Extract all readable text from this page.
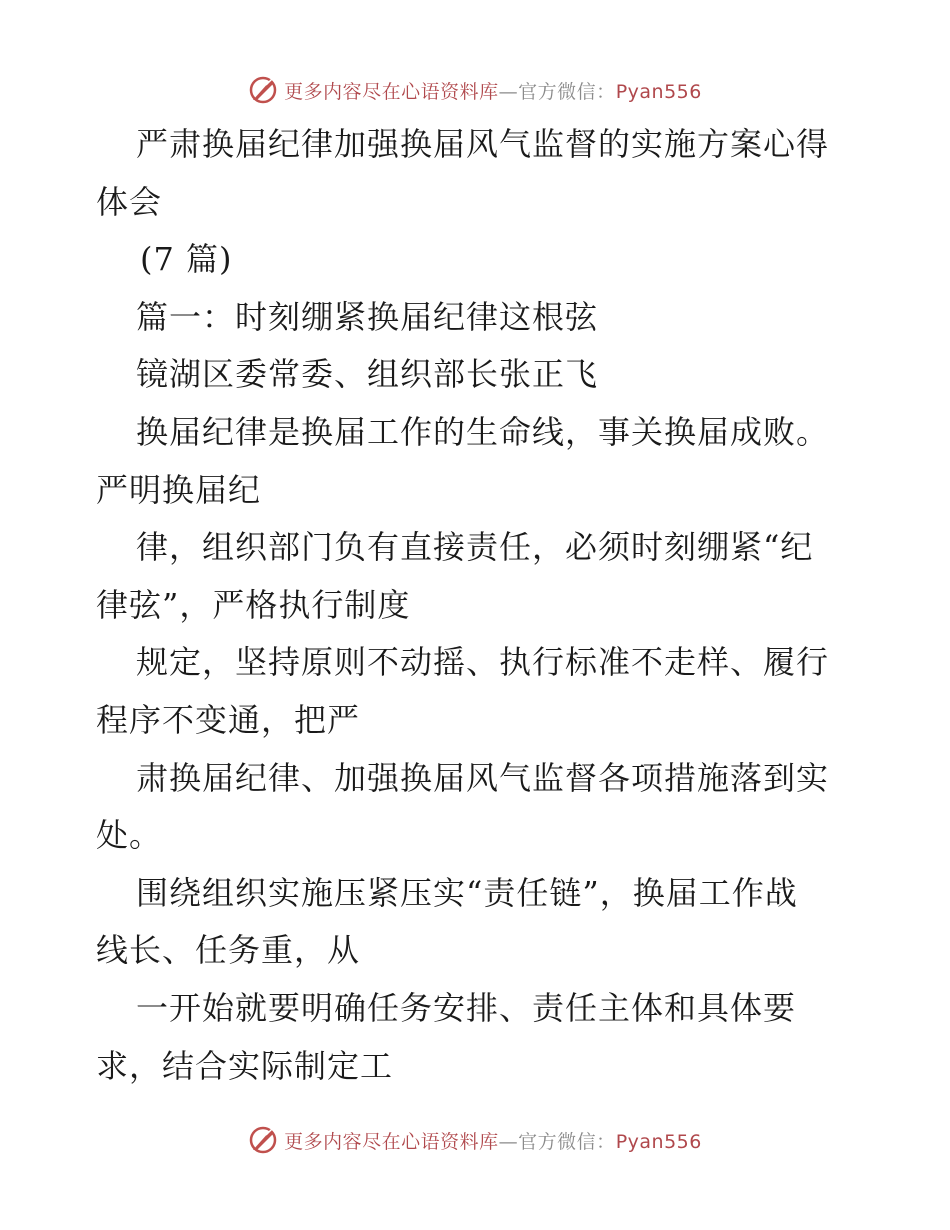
更多内容尽在心语资料库—官方微信：Pyan556
严肃换届纪律加强换届风气监督的实施方案心得
体会
(7 篇)
篇一：时刻绷紧换届纪律这根弦
镜湖区委常委、组织部长张正飞
换届纪律是换届工作的生命线，事关换届成败。
严明换届纪
律，组织部门负有直接责任，必须时刻绷紧“纪
律弦”，严格执行制度
规定，坚持原则不动摇、执行标准不走样、履行
程序不变通，把严
肃换届纪律、加强换届风气监督各项措施落到实
处。
围绕组织实施压紧压实“责任链”，换届工作战
线长、任务重，从
一开始就要明确任务安排、责任主体和具体要
求，结合实际制定工
更多内容尽在心语资料库—官方微信：Pyan556
